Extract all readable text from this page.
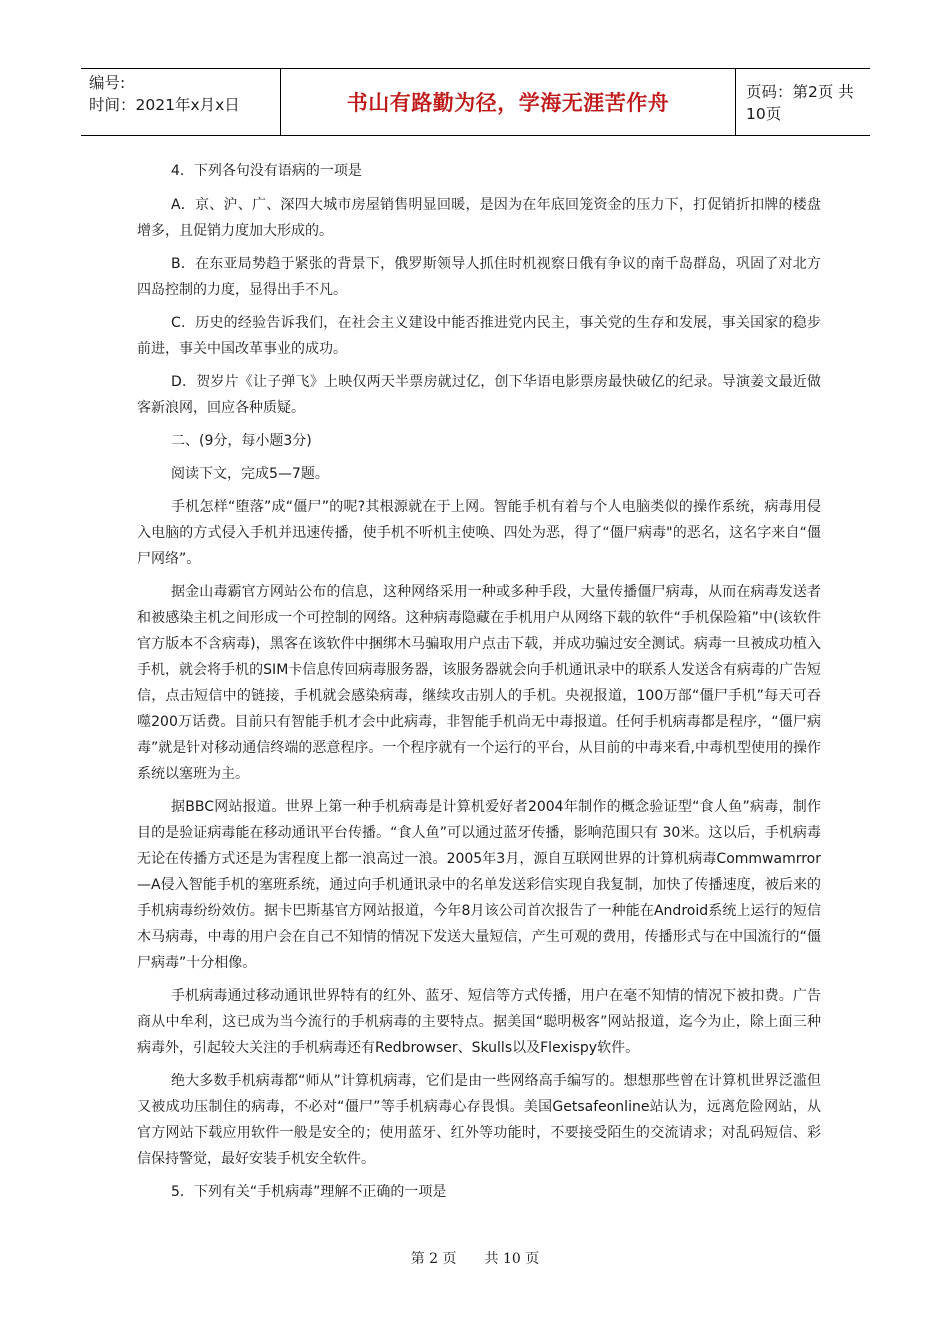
编号:
时间：2021年x月x日	书山有路勤为径，学海无涯苦作舟	页码：第2页 共10页

4．下列各句没有语病的一项是

A．京、沪、广、深四大城市房屋销售明显回暖，是因为在年底回笼资金的压力下，打促销折扣牌的楼盘增多，且促销力度加大形成的。

B．在东亚局势趋于紧张的背景下，俄罗斯领导人抓住时机视察日俄有争议的南千岛群岛，巩固了对北方四岛控制的力度，显得出手不凡。

C．历史的经验告诉我们，在社会主义建设中能否推进党内民主，事关党的生存和发展，事关国家的稳步前进，事关中国改革事业的成功。

D．贺岁片《让子弹飞》上映仅两天半票房就过亿，创下华语电影票房最快破亿的纪录。导演姜文最近做客新浪网，回应各种质疑。

二、(9分，每小题3分)

阅读下文，完成5—7题。

手机怎样“堕落”成“僵尸”的呢?其根源就在于上网。智能手机有着与个人电脑类似的操作系统，病毒用侵入电脑的方式侵入手机并迅速传播，使手机不听机主使唤、四处为恶，得了“僵尸病毒"的恶名，这名字来自“僵尸网络”。

据金山毒霸官方网站公布的信息，这种网络采用一种或多种手段，大量传播僵尸病毒，从而在病毒发送者和被感染主机之间形成一个可控制的网络。这种病毒隐藏在手机用户从网络下载的软件“手机保险箱”中(该软件官方版本不含病毒)，黑客在该软件中捆绑木马骗取用户点击下载，并成功骗过安全测试。病毒一旦被成功植入手机，就会将手机的SIM卡信息传回病毒服务器，该服务器就会向手机通讯录中的联系人发送含有病毒的广告短信，点击短信中的链接，手机就会感染病毒，继续攻击别人的手机。央视报道，100万部“僵尸手机”每天可吞噬200万话费。目前只有智能手机才会中此病毒，非智能手机尚无中毒报道。任何手机病毒都是程序，“僵尸病毒”就是针对移动通信终端的恶意程序。一个程序就有一个运行的平台，从目前的中毒来看,中毒机型使用的操作系统以塞班为主。

据BBC网站报道。世界上第一种手机病毒是计算机爱好者2004年制作的概念验证型“食人鱼”病毒，制作目的是验证病毒能在移动通讯平台传播。“食人鱼”可以通过蓝牙传播，影响范围只有 30米。这以后，手机病毒无论在传播方式还是为害程度上都一浪高过一浪。2005年3月，源自互联网世界的计算机病毒Commwamrror—A侵入智能手机的塞班系统，通过向手机通讯录中的名单发送彩信实现自我复制，加快了传播速度，被后来的手机病毒纷纷效仿。据卡巴斯基官方网站报道，今年8月该公司首次报告了一种能在Android系统上运行的短信木马病毒，中毒的用户会在自己不知情的情况下发送大量短信，产生可观的费用，传播形式与在中国流行的“僵尸病毒”十分相像。

手机病毒通过移动通讯世界特有的红外、蓝牙、短信等方式传播，用户在毫不知情的情况下被扣费。广告商从中牟利，这已成为当今流行的手机病毒的主要特点。据美国“聪明极客”网站报道，迄今为止，除上面三种病毒外，引起较大关注的手机病毒还有Redbrowser、Skulls以及Flexispy软件。

绝大多数手机病毒都“师从”计算机病毒，它们是由一些网络高手编写的。想想那些曾在计算机世界泛滥但又被成功压制住的病毒，不必对“僵尸”等手机病毒心存畏惧。美国Getsafeonline站认为，远离危险网站，从官方网站下载应用软件一般是安全的；使用蓝牙、红外等功能时，不要接受陌生的交流请求；对乱码短信、彩信保持警觉，最好安装手机安全软件。

5．下列有关“手机病毒”理解不正确的一项是

第 2 页 共 10 页
